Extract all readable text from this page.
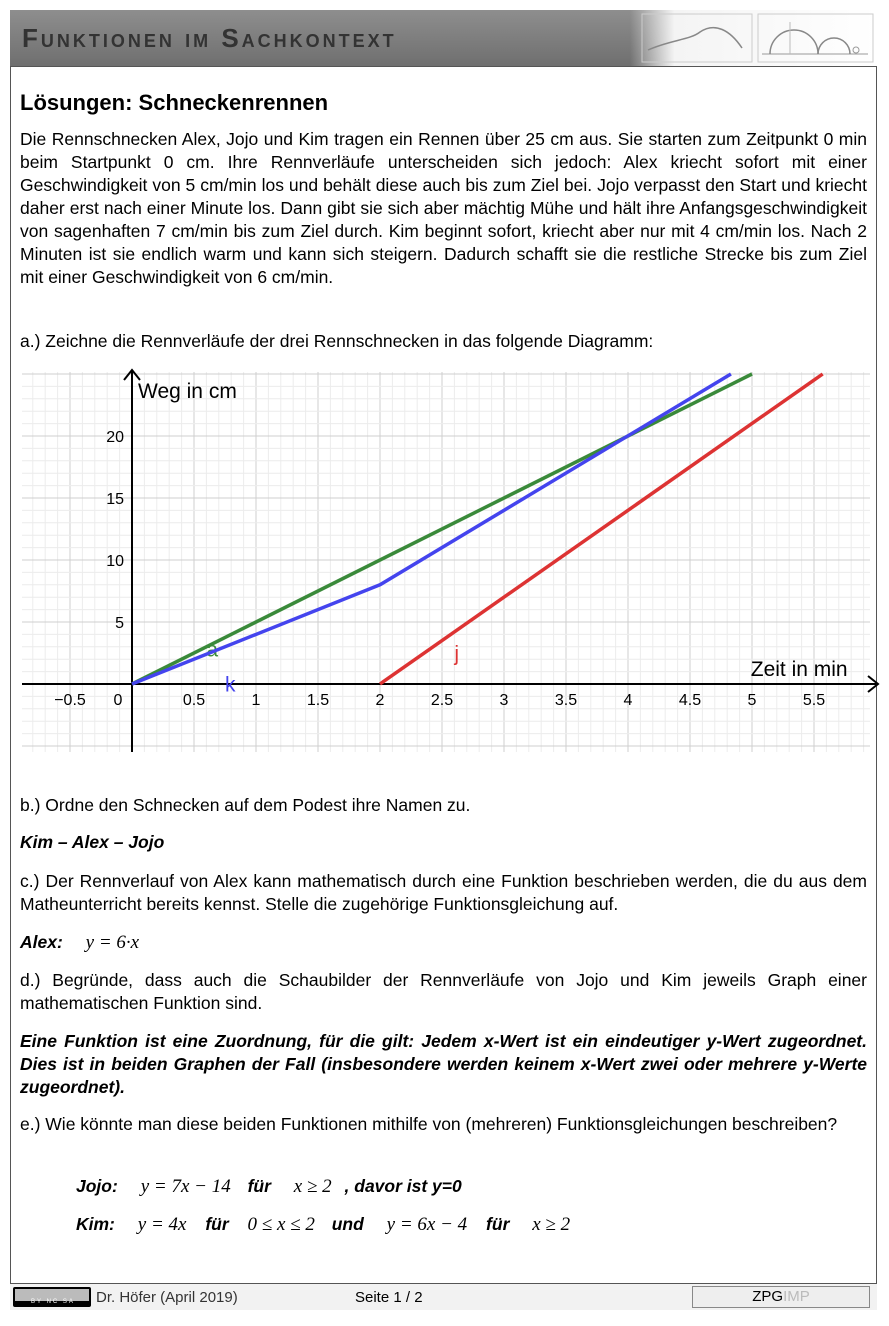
Funktionen im Sachkontext
Lösungen: Schneckenrennen
Die Rennschnecken Alex, Jojo und Kim tragen ein Rennen über 25 cm aus. Sie starten zum Zeitpunkt 0 min beim Startpunkt 0 cm. Ihre Rennverläufe unterscheiden sich jedoch: Alex kriecht sofort mit einer Geschwindigkeit von 5 cm/min los und behält diese auch bis zum Ziel bei. Jojo verpasst den Start und kriecht daher erst nach einer Minute los. Dann gibt sie sich aber mächtig Mühe und hält ihre Anfangsgeschwindigkeit von sagenhaften 7 cm/min bis zum Ziel durch. Kim beginnt sofort, kriecht aber nur mit 4 cm/min los. Nach 2 Minuten ist sie endlich warm und kann sich steigern. Dadurch schafft sie die restliche Strecke bis zum Ziel mit einer Geschwindigkeit von 6 cm/min.
a.) Zeichne die Rennverläufe der drei Rennschnecken in das folgende Diagramm:
Zeit in min
Weg in cm
−0.5 0	0.5	1	1.5	2	2.5	3	3.5	4	4.5	5	5.5
5
10
15
20
a
k
j
b.) Ordne den Schnecken auf dem Podest ihre Namen zu.
Kim – Alex – Jojo
c.) Der Rennverlauf von Alex kann mathematisch durch eine Funktion beschrieben werden, die du aus dem Matheunterricht bereits kennst. Stelle die zugehörige Funktionsgleichung auf.
Alex: y = 6·x
d.) Begründe, dass auch die Schaubilder der Rennverläufe von Jojo und Kim jeweils Graph einer mathematischen Funktion sind.
Eine Funktion ist eine Zuordnung, für die gilt: Jedem x-Wert ist ein eindeutiger y-Wert zugeordnet. Dies ist in beiden Graphen der Fall (insbesondere werden keinem x-Wert zwei oder mehrere y-Werte zugeordnet).
e.) Wie könnte man diese beiden Funktionen mithilfe von (mehreren) Funktionsgleichungen beschreiben?
Jojo: y = 7x − 14 für x ≥ 2 , davor ist y=0
Kim: y = 4x für 0 ≤ x ≤ 2 und y = 6x − 4 für x ≥ 2
BY NC SA Dr. Höfer (April 2019)	Seite 1 / 2	ZPGIMP
